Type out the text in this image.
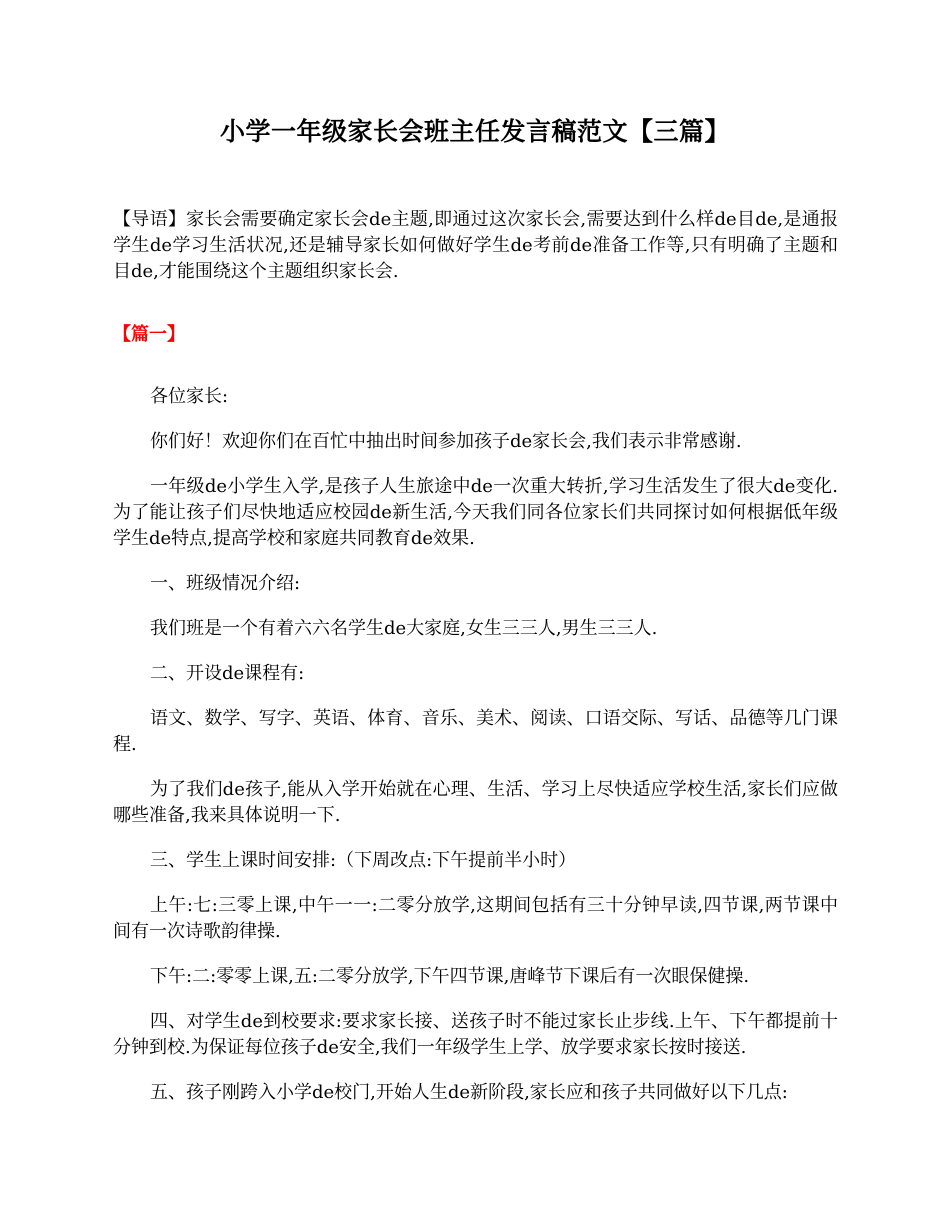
小学一年级家长会班主任发言稿范文【三篇】
【导语】家长会需要确定家长会de主题,即通过这次家长会,需要达到什么样de目de,是通报学生de学习生活状况,还是辅导家长如何做好学生de考前de准备工作等,只有明确了主题和目de,才能围绕这个主题组织家长会.
【篇一】

各位家长:

你们好！欢迎你们在百忙中抽出时间参加孩子de家长会,我们表示非常感谢.

一年级de小学生入学,是孩子人生旅途中de一次重大转折,学习生活发生了很大de变化.为了能让孩子们尽快地适应校园de新生活,今天我们同各位家长们共同探讨如何根据低年级学生de特点,提高学校和家庭共同教育de效果.

一、班级情况介绍:

我们班是一个有着六六名学生de大家庭,女生三三人,男生三三人.

二、开设de课程有:

语文、数学、写字、英语、体育、音乐、美术、阅读、口语交际、写话、品德等几门课程.

为了我们de孩子,能从入学开始就在心理、生活、学习上尽快适应学校生活,家长们应做哪些准备,我来具体说明一下.

三、学生上课时间安排:（下周改点:下午提前半小时）

上午:七:三零上课,中午一一:二零分放学,这期间包括有三十分钟早读,四节课,两节课中间有一次诗歌韵律操.

下午:二:零零上课,五:二零分放学,下午四节课,唐峰节下课后有一次眼保健操.

四、对学生de到校要求:要求家长接、送孩子时不能过家长止步线.上午、下午都提前十分钟到校.为保证每位孩子de安全,我们一年级学生上学、放学要求家长按时接送.

五、孩子刚跨入小学de校门,开始人生de新阶段,家长应和孩子共同做好以下几点:
